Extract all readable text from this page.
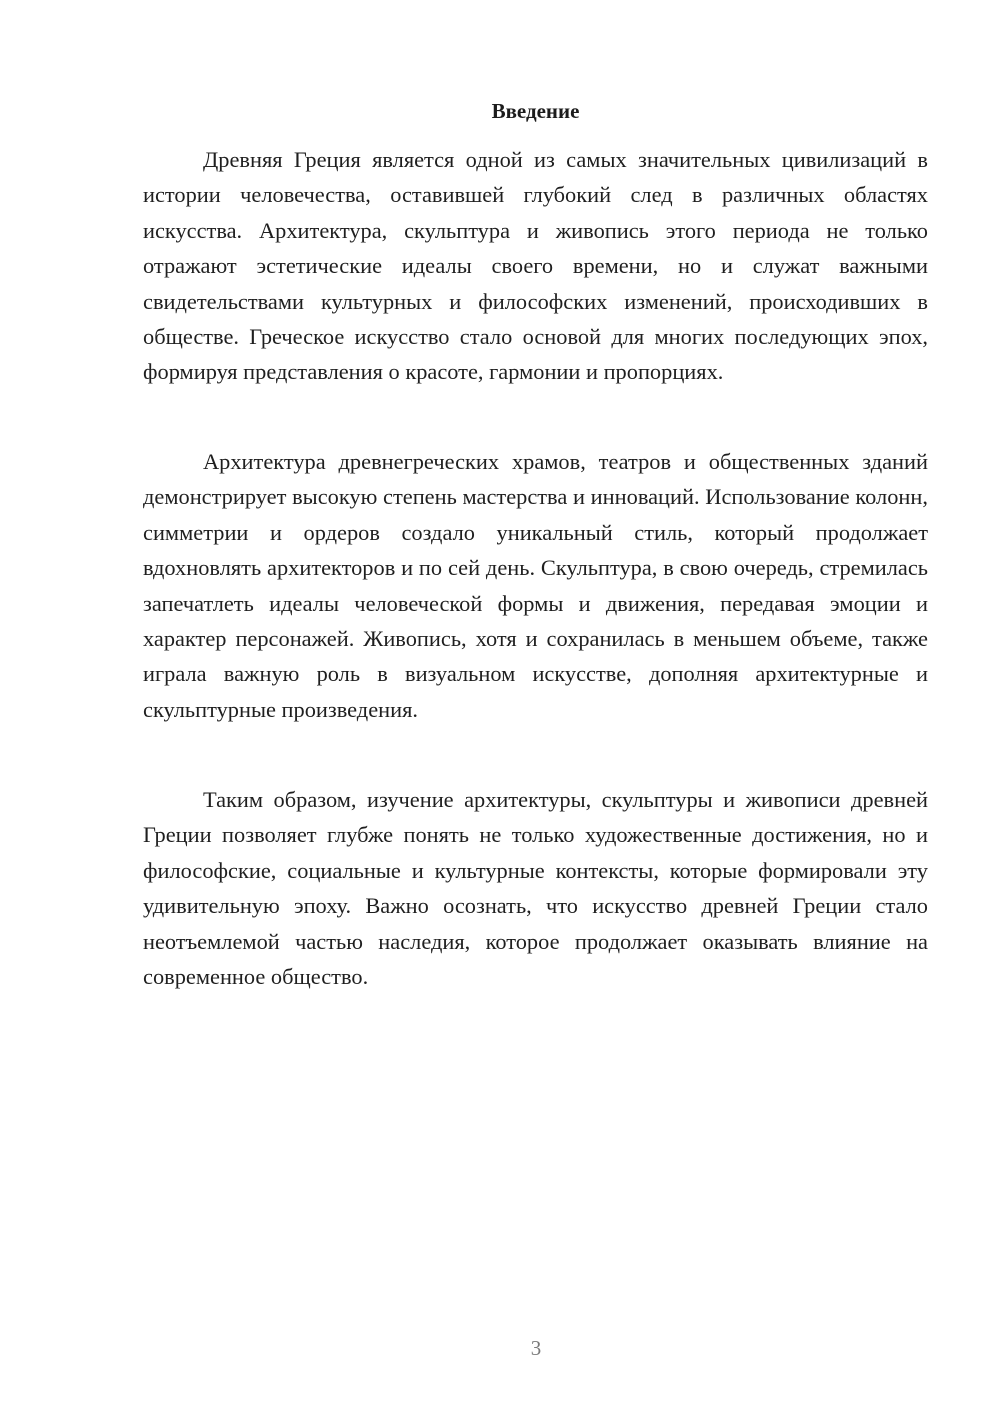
Введение

Древняя Греция является одной из самых значительных цивилизаций в истории человечества, оставившей глубокий след в различных областях искусства. Архитектура, скульптура и живопись этого периода не только отражают эстетические идеалы своего времени, но и служат важными свидетельствами культурных и философских изменений, происходивших в обществе. Греческое искусство стало основой для многих последующих эпох, формируя представления о красоте, гармонии и пропорциях.

Архитектура древнегреческих храмов, театров и общественных зданий демонстрирует высокую степень мастерства и инноваций. Использование колонн, симметрии и ордеров создало уникальный стиль, который продолжает вдохновлять архитекторов и по сей день. Скульптура, в свою очередь, стремилась запечатлеть идеалы человеческой формы и движения, передавая эмоции и характер персонажей. Живопись, хотя и сохранилась в меньшем объеме, также играла важную роль в визуальном искусстве, дополняя архитектурные и скульптурные произведения.

Таким образом, изучение архитектуры, скульптуры и живописи древней Греции позволяет глубже понять не только художественные достижения, но и философские, социальные и культурные контексты, которые формировали эту удивительную эпоху. Важно осознать, что искусство древней Греции стало неотъемлемой частью наследия, которое продолжает оказывать влияние на современное общество.

3
